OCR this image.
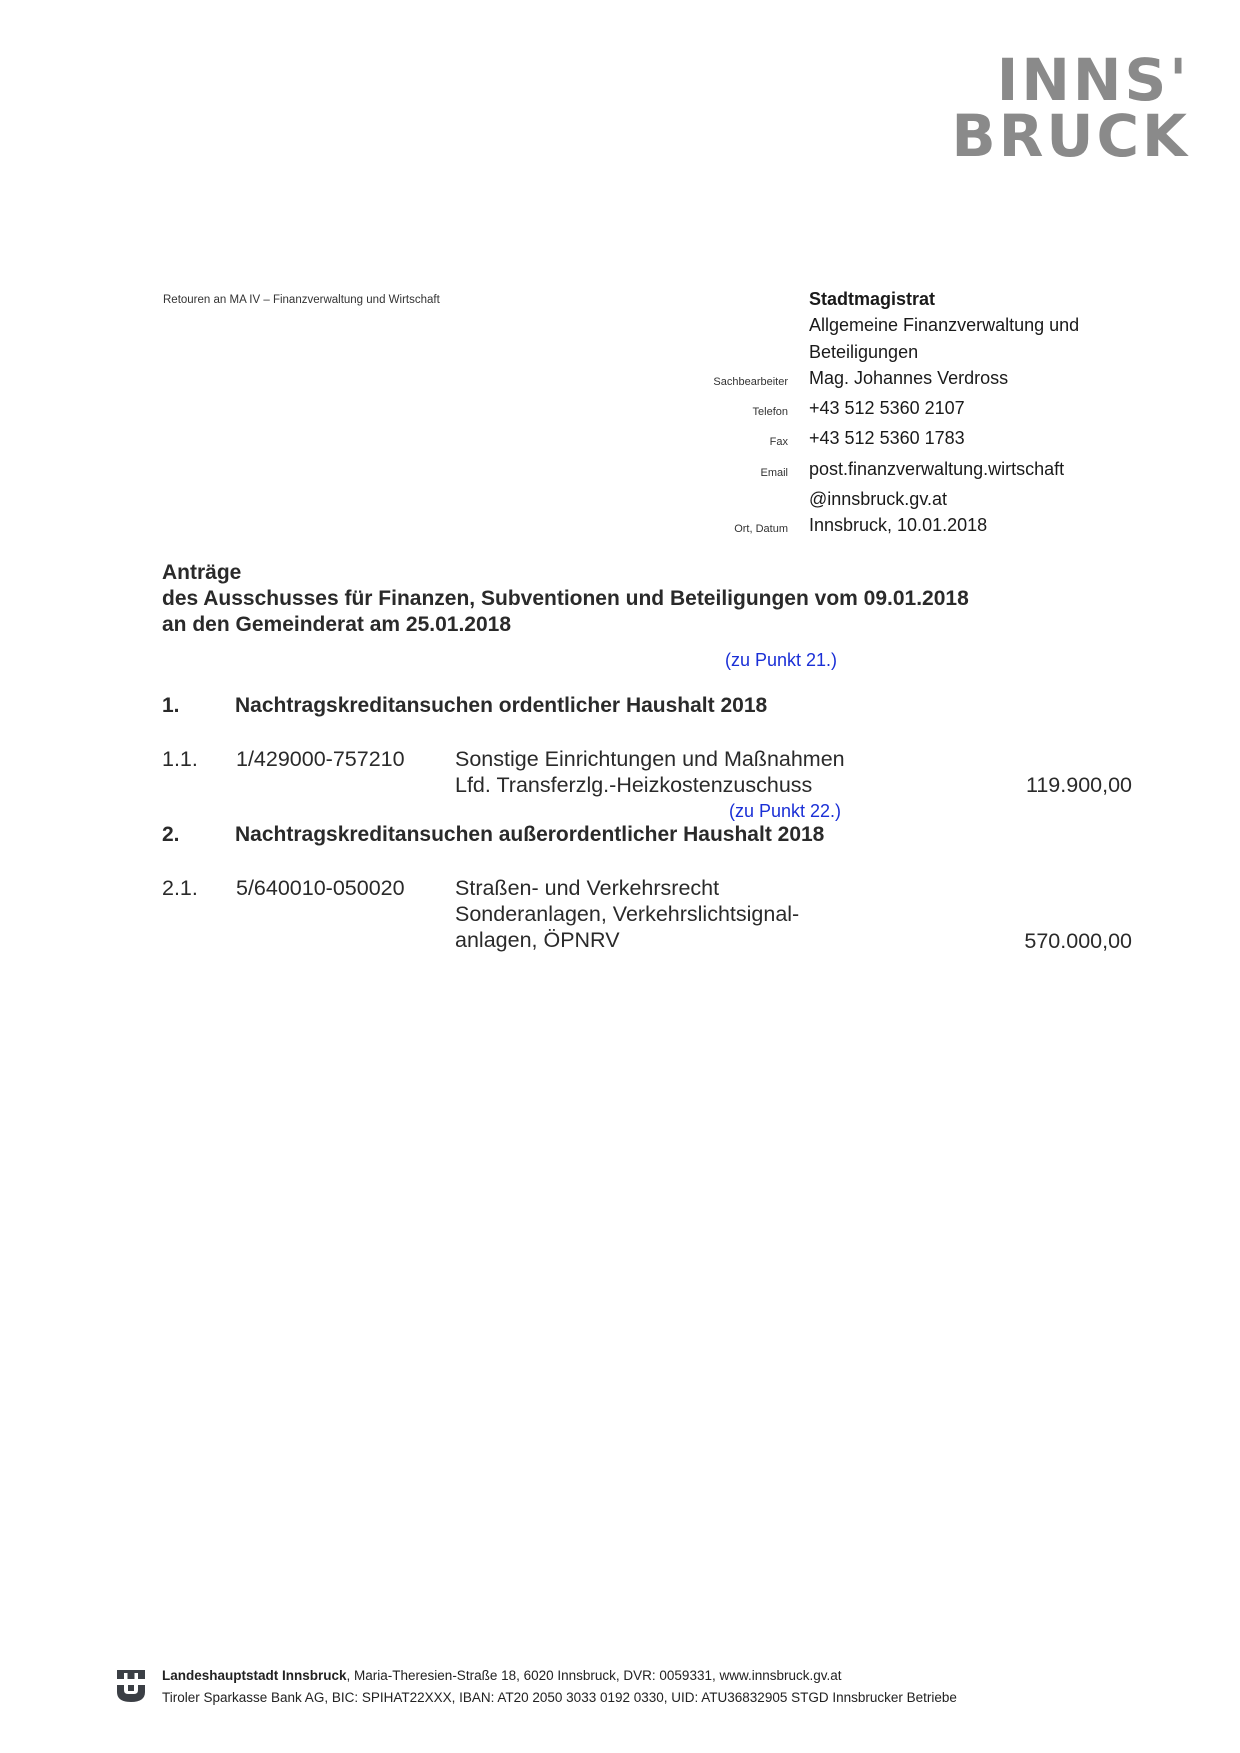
INNS'
BRUCK
Retouren an MA IV – Finanzverwaltung und Wirtschaft	Stadtmagistrat
Allgemeine Finanzverwaltung und
Beteiligungen
Sachbearbeiter	Mag. Johannes Verdross
Telefon	+43 512 5360 2107
Fax	+43 512 5360 1783
Email	post.finanzverwaltung.wirtschaft
@innsbruck.gv.at
Ort, Datum	Innsbruck, 10.01.2018
Anträge
des Ausschusses für Finanzen, Subventionen und Beteiligungen vom 09.01.2018
an den Gemeinderat am 25.01.2018
(zu Punkt 21.)
1.	Nachtragskreditansuchen ordentlicher Haushalt 2018
1.1. 1/429000-757210 Sonstige Einrichtungen und Maßnahmen
Lfd. Transferzlg.-Heizkostenzuschuss	119.900,00
(zu Punkt 22.)
2.	Nachtragskreditansuchen außerordentlicher Haushalt 2018
2.1. 5/640010-050020 Straßen- und Verkehrsrecht
Sonderanlagen, Verkehrslichtsignal-
anlagen, ÖPNRV	570.000,00
Landeshauptstadt Innsbruck, Maria-Theresien-Straße 18, 6020 Innsbruck, DVR: 0059331, www.innsbruck.gv.at
Tiroler Sparkasse Bank AG, BIC: SPIHAT22XXX, IBAN: AT20 2050 3033 0192 0330, UID: ATU36832905 STGD Innsbrucker Betriebe
